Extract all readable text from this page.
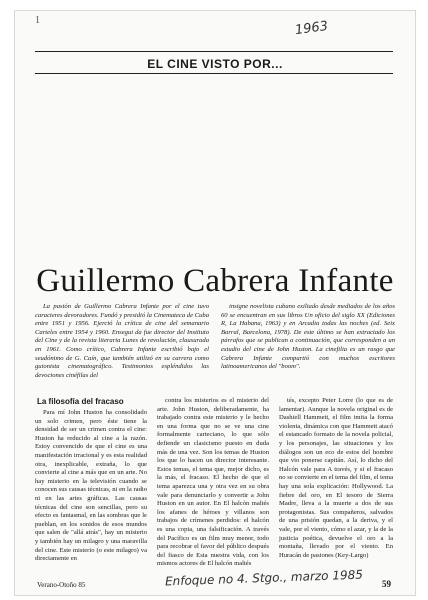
1	1963
EL CINE VISTO POR...
Guillermo Cabrera Infante

La pasión de Guillermo Cabrera Infante por el cine tuvo caracteres devoradores. Fundó y presidió la Cinemateca de Cuba entre 1951 y 1956. Ejerció la crítica de cine del semanario Carteles entre 1954 y 1960. Ensegui da fue director del Instituto del Cine y de la revista literaria Lunes de revolución, clausurada en 1961. Como crítico, Cabrera Infante escribió bajo el seudónimo de G. Caín, que también utilizó en su carrera como guionista cinematográfico. Testimonios espléndidos las devociones cinéfilas del

insigne novelista cubano exiliado desde mediados de los años 60 se encuentran en sus libros Un oficio del siglo XX (Ediciones R, La Habana, 1963) y en Arcadia todas las noches (ed. Seix Barral, Barcelona, 1978). De este último se han extractado los párrafos que se publican a continuación, que corresponden a un estudio del cine de John Huston. La cinefilia es un rasgo que Cabrera Infante compartió con muchos escritores latinoamericanos del "boom".

La filosofía del fracaso

Para mí John Huston ha consolidado un solo crimen, pero éste tiene la densidad de ser un crimen contra el cine: Huston ha reducido al cine a la razón. Estoy convencido de que el cine es una manifestación irracional y es esta realidad otra, inexplicable, extraña, lo que convierte al cine a más que en un arte. No hay misterio en la televisión cuando se conocen sus causas técnicas, ni en la radio ni en las artes gráficas. Las causas técnicas del cine son sencillas, pero su efecto es fantasmal, en las sombras que le pueblan, en los sonidos de esos mundos que salen de "allá atrás", hay un misterio y también hay un milagro y una maravilla del cine. Este misterio (o este milagro) va directamente en

contra los misterios es el misterio del arte. John Huston, deliberadamente, ha trabajado contra este misterio y le hecho en una forma que no se ve una cine formalmente carteciano, lo que sólo defiende un clasicismo puesto en duda más de una vez. Son los temas de Huston los que lo hacen un director interesante. Estos temas, el tema que, mejor dicho, es la más, el fracaso. El hecho de que el tema aparezca una y otra vez en su obra vale para denunciarlo y convertir a John Huston en un autor. En El halcón maltés los afanes de héroes y villanos son trabajos de crímenes perdidos: el halcón es una copia, una falsificación. A través del Pacífico es un film muy menor, todo para recobrar el favor del público después del fiasco de Esta nuestra vida, con los mismos actores de El halcón maltés

tés, excepto Peter Lorre (lo que es de lamentar). Aunque la novela original es de Dashiell Hammett, el film imita la forma violenta, dinámica con que Hammett atacó el estancado formato de la novela policial, y los personajes, las situaciones y los diálogos son un eco de estos del hombre que vio ponerse capitán. Así, lo dicho del Halcón vale para A través, y si el fracaso no se convierte en el tema del film, el tema hay una sola explicación: Hollywood. La fiebre del oro, en El tesoro de Sierra Madre, lleva a la muerte a dos de sus protagonistas. Sus compañeros, salvados de una prisión quedan, a la deriva, y el vale, por el viento, cómo el azar, y la de la justicia poética, devuelve el oro a la montaña, llevado por el viento. En Huracán de pasiones (Key-Largo)

Enfoque no 4. Stgo., marzo 1985
Verano-Otoño 85	59
